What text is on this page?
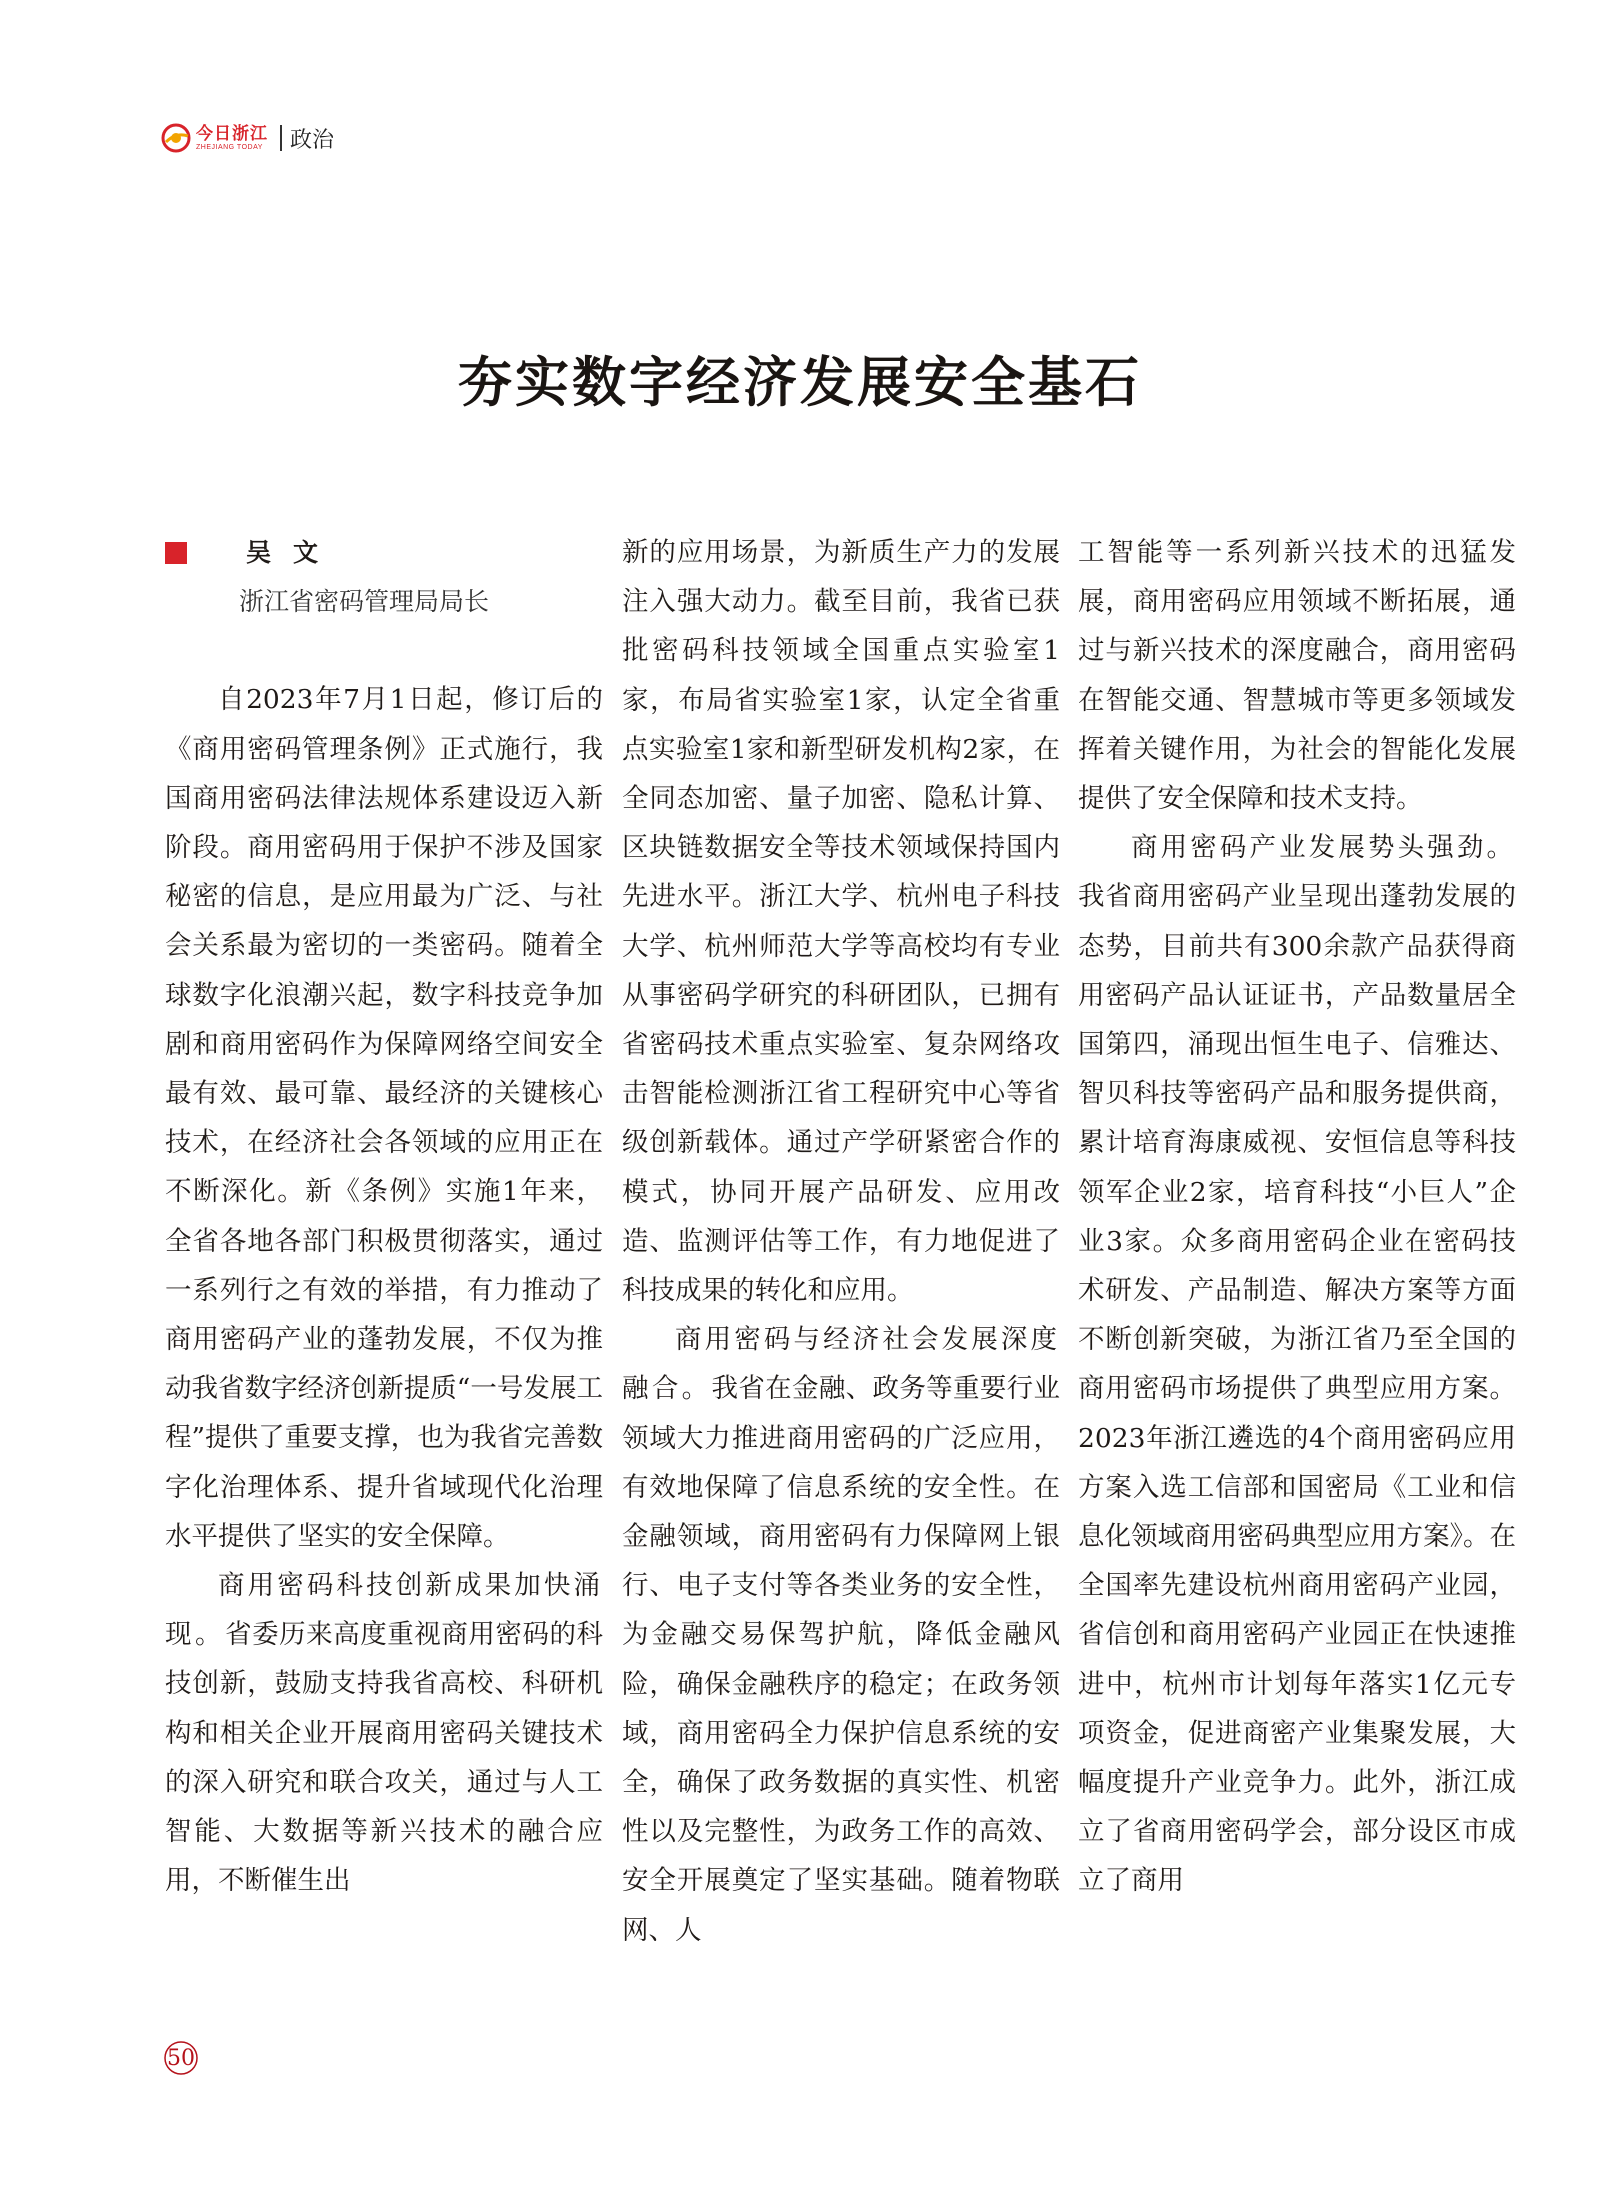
今日浙江
ZHEJIANG TODAY 政治
夯实数字经济发展安全基石

吴文

浙江省密码管理局局长

自2023年7月1日起，修订后的《商用密码管理条例》正式施行，我国商用密码法律法规体系建设迈入新阶段。商用密码用于保护不涉及国家秘密的信息，是应用最为广泛、与社会关系最为密切的一类密码。随着全球数字化浪潮兴起，数字科技竞争加剧和商用密码作为保障网络空间安全最有效、最可靠、最经济的关键核心技术，在经济社会各领域的应用正在不断深化。新《条例》实施1年来，全省各地各部门积极贯彻落实，通过一系列行之有效的举措，有力推动了商用密码产业的蓬勃发展，不仅为推动我省数字经济创新提质“一号发展工程”提供了重要支撑，也为我省完善数字化治理体系、提升省域现代化治理水平提供了坚实的安全保障。

商用密码科技创新成果加快涌现。省委历来高度重视商用密码的科技创新，鼓励支持我省高校、科研机构和相关企业开展商用密码关键技术的深入研究和联合攻关，通过与人工智能、大数据等新兴技术的融合应用，不断催生出

新的应用场景，为新质生产力的发展注入强大动力。截至目前，我省已获批密码科技领域全国重点实验室1家，布局省实验室1家，认定全省重点实验室1家和新型研发机构2家，在全同态加密、量子加密、隐私计算、区块链数据安全等技术领域保持国内先进水平。浙江大学、杭州电子科技大学、杭州师范大学等高校均有专业从事密码学研究的科研团队，已拥有省密码技术重点实验室、复杂网络攻击智能检测浙江省工程研究中心等省级创新载体。通过产学研紧密合作的模式，协同开展产品研发、应用改造、监测评估等工作，有力地促进了科技成果的转化和应用。

商用密码与经济社会发展深度融合。我省在金融、政务等重要行业领域大力推进商用密码的广泛应用，有效地保障了信息系统的安全性。在金融领域，商用密码有力保障网上银行、电子支付等各类业务的安全性，为金融交易保驾护航，降低金融风险，确保金融秩序的稳定；在政务领域，商用密码全力保护信息系统的安全，确保了政务数据的真实性、机密性以及完整性，为政务工作的高效、安全开展奠定了坚实基础。随着物联网、人

工智能等一系列新兴技术的迅猛发展，商用密码应用领域不断拓展，通过与新兴技术的深度融合，商用密码在智能交通、智慧城市等更多领域发挥着关键作用，为社会的智能化发展提供了安全保障和技术支持。

商用密码产业发展势头强劲。我省商用密码产业呈现出蓬勃发展的态势，目前共有300余款产品获得商用密码产品认证证书，产品数量居全国第四，涌现出恒生电子、信雅达、智贝科技等密码产品和服务提供商，累计培育海康威视、安恒信息等科技领军企业2家，培育科技“小巨人”企业3家。众多商用密码企业在密码技术研发、产品制造、解决方案等方面不断创新突破，为浙江省乃至全国的商用密码市场提供了典型应用方案。2023年浙江遴选的4个商用密码应用方案入选工信部和国密局《工业和信息化领域商用密码典型应用方案》。在全国率先建设杭州商用密码产业园，省信创和商用密码产业园正在快速推进中，杭州市计划每年落实1亿元专项资金，促进商密产业集聚发展，大幅度提升产业竞争力。此外，浙江成立了省商用密码学会，部分设区市成立了商用

50
